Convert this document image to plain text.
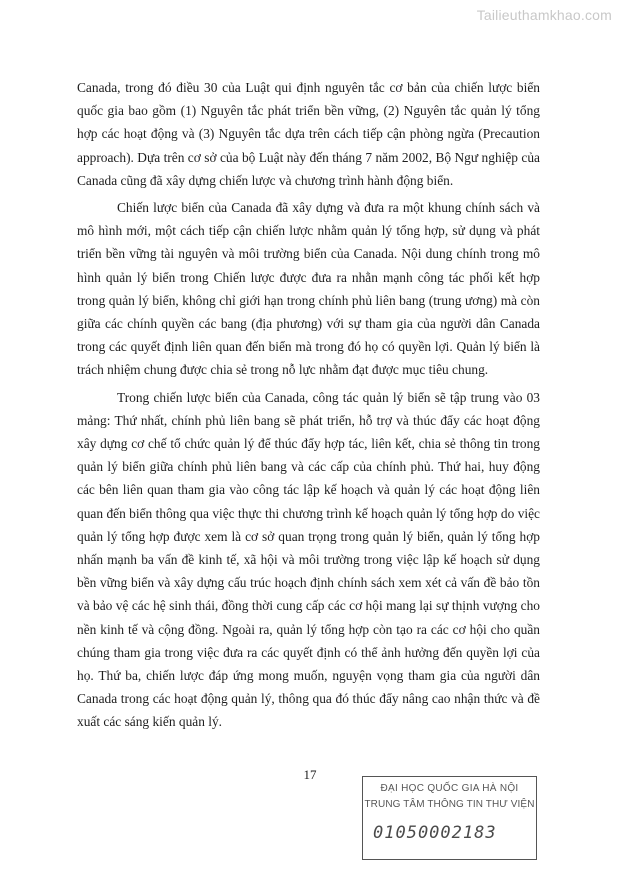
Tailieuthamkhao.com

Canada, trong đó điều 30 của Luật qui định nguyên tắc cơ bản của chiến lược biển quốc gia bao gồm (1) Nguyên tắc phát triển bền vững, (2) Nguyên tắc quản lý tổng hợp các hoạt động và (3) Nguyên tắc dựa trên cách tiếp cận phòng ngừa (Precaution approach). Dựa trên cơ sở của bộ Luật này đến tháng 7 năm 2002, Bộ Ngư nghiệp của Canada cũng đã xây dựng chiến lược và chương trình hành động biển.

Chiến lược biển của Canada đã xây dựng và đưa ra một khung chính sách và mô hình mới, một cách tiếp cận chiến lược nhằm quản lý tổng hợp, sử dụng và phát triển bền vững tài nguyên và môi trường biển của Canada. Nội dung chính trong mô hình quản lý biển trong Chiến lược được đưa ra nhằn mạnh công tác phối kết hợp trong quản lý biển, không chỉ giới hạn trong chính phủ liên bang (trung ương) mà còn giữa các chính quyền các bang (địa phương) với sự tham gia của người dân Canada trong các quyết định liên quan đến biển mà trong đó họ có quyền lợi. Quản lý biển là trách nhiệm chung được chia sẻ trong nỗ lực nhằm đạt được mục tiêu chung.

Trong chiến lược biển của Canada, công tác quản lý biển sẽ tập trung vào 03 mảng: Thứ nhất, chính phủ liên bang sẽ phát triển, hỗ trợ và thúc đẩy các hoạt động xây dựng cơ chế tổ chức quản lý để thúc đẩy hợp tác, liên kết, chia sẻ thông tin trong quản lý biển giữa chính phủ liên bang và các cấp của chính phủ. Thứ hai, huy động các bên liên quan tham gia vào công tác lập kế hoạch và quản lý các hoạt động liên quan đến biển thông qua việc thực thi chương trình kế hoạch quản lý tổng hợp do việc quản lý tổng hợp được xem là cơ sở quan trọng trong quản lý biển, quản lý tổng hợp nhấn mạnh ba vấn đề kinh tế, xã hội và môi trường trong việc lập kế hoạch sử dụng bền vững biển và xây dựng cấu trúc hoạch định chính sách xem xét cả vấn đề bảo tồn và bảo vệ các hệ sinh thái, đồng thời cung cấp các cơ hội mang lại sự thịnh vượng cho nền kinh tế và cộng đồng. Ngoài ra, quản lý tổng hợp còn tạo ra các cơ hội cho quần chúng tham gia trong việc đưa ra các quyết định có thể ảnh hưởng đến quyền lợi của họ. Thứ ba, chiến lược đáp ứng mong muốn, nguyện vọng tham gia của người dân Canada trong các hoạt động quản lý, thông qua đó thúc đẩy nâng cao nhận thức và đề xuất các sáng kiến quản lý.

17
ĐẠI HỌC QUỐC GIA HÀ NỘI
TRUNG TÂM THÔNG TIN THƯ VIỆN
01050002183
